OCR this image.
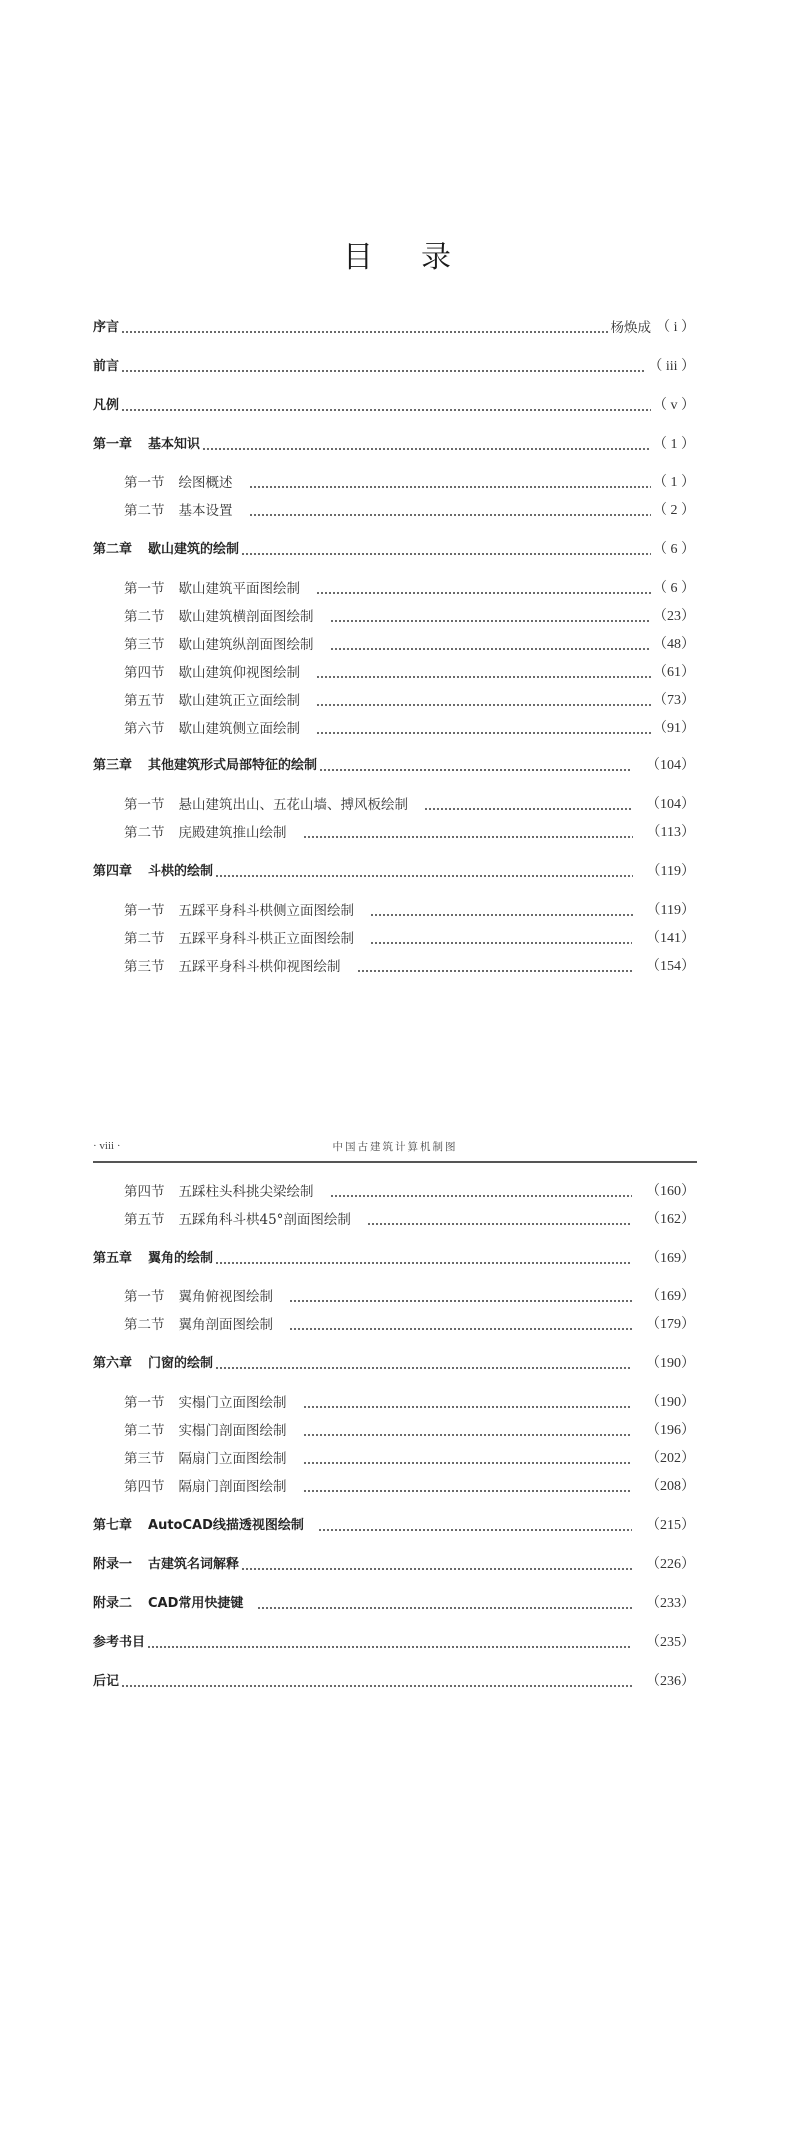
目录
序言	杨焕成 （ i ）
前言	（ iii ）
凡例	（ v ）
第一章 基本知识	（ 1 ）
第一节 绘图概述	（ 1 ）
第二节 基本设置	（ 2 ）
第二章 歇山建筑的绘制	（ 6 ）
第一节 歇山建筑平面图绘制	（ 6 ）
第二节 歇山建筑横剖面图绘制	（23）
第三节 歇山建筑纵剖面图绘制	（48）
第四节 歇山建筑仰视图绘制	（61）
第五节 歇山建筑正立面绘制	（73）
第六节 歇山建筑侧立面绘制	（91）
第三章 其他建筑形式局部特征的绘制	（104）
第一节 悬山建筑出山、五花山墙、搏风板绘制	（104）
第二节 庑殿建筑推山绘制	（113）
第四章 斗栱的绘制	（119）
第一节 五踩平身科斗栱侧立面图绘制	（119）
第二节 五踩平身科斗栱正立面图绘制	（141）
第三节 五踩平身科斗栱仰视图绘制	（154）
· viii ·	中国古建筑计算机制图
第四节 五踩柱头科挑尖梁绘制	（160）
第五节 五踩角科斗栱45°剖面图绘制	（162）
第五章 翼角的绘制	（169）
第一节 翼角俯视图绘制	（169）
第二节 翼角剖面图绘制	（179）
第六章 门窗的绘制	（190）
第一节 实榻门立面图绘制	（190）
第二节 实榻门剖面图绘制	（196）
第三节 隔扇门立面图绘制	（202）
第四节 隔扇门剖面图绘制	（208）
第七章 AutoCAD线描透视图绘制	（215）
附录一 古建筑名词解释	（226）
附录二 CAD常用快捷键	（233）
参考书目	（235）
后记	（236）
